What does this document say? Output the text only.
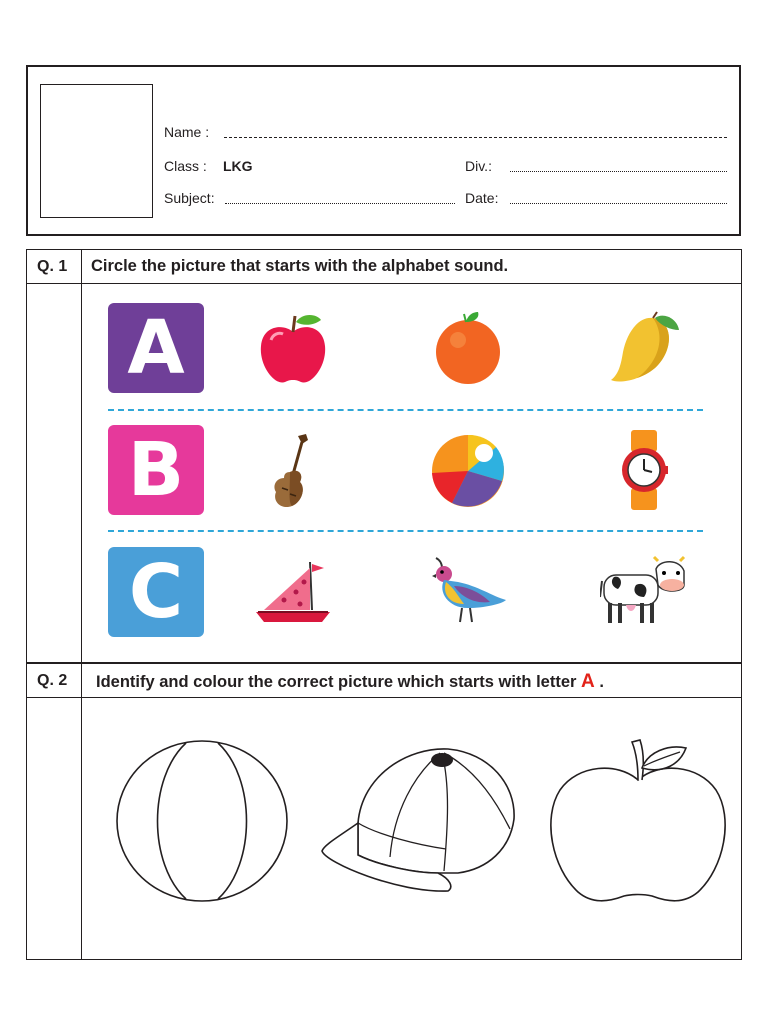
Name :
Class : LKG	Div.:
Subject:	Date:
Q. 1 Circle the picture that starts with the alphabet sound.
A
B
C
Q. 2 Identify and colour the correct picture which starts with letter A .
